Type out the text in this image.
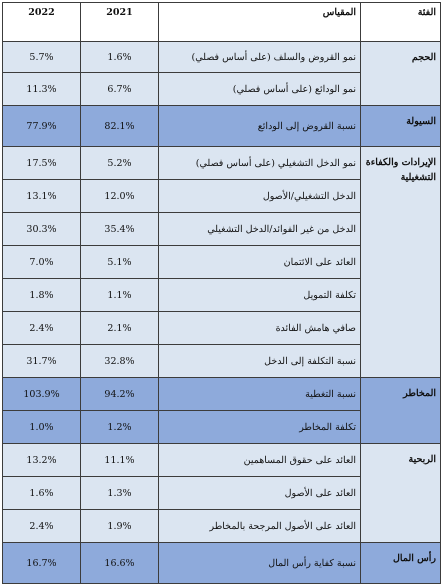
2022	2021	المقياس	الفئة
5.7%	1.6%	نمو القروض والسلف (على أساس فصلي)	الحجم
11.3%	6.7%	نمو الودائع (على أساس فصلي)	
77.9%	82.1%	نسبة القروض إلى الودائع	السيولة
17.5%	5.2%	نمو الدخل التشغيلي (على أساس فصلي)	الإيرادات والكفاءة التشغيلية
13.1%	12.0%	الدخل التشغيلي/الأصول	
30.3%	35.4%	الدخل من غير الفوائد/الدخل التشغيلي	
7.0%	5.1%	العائد على الائتمان	
1.8%	1.1%	تكلفة التمويل	
2.4%	2.1%	صافي هامش الفائدة	
31.7%	32.8%	نسبة التكلفة إلى الدخل	
103.9%	94.2%	نسبة التغطية	المخاطر
1.0%	1.2%	تكلفة المخاطر	
13.2%	11.1%	العائد على حقوق المساهمين	الربحية
1.6%	1.3%	العائد على الأصول	
2.4%	1.9%	العائد على الأصول المرجحة بالمخاطر	
16.7%	16.6%	نسبة كفاية رأس المال	رأس المال
